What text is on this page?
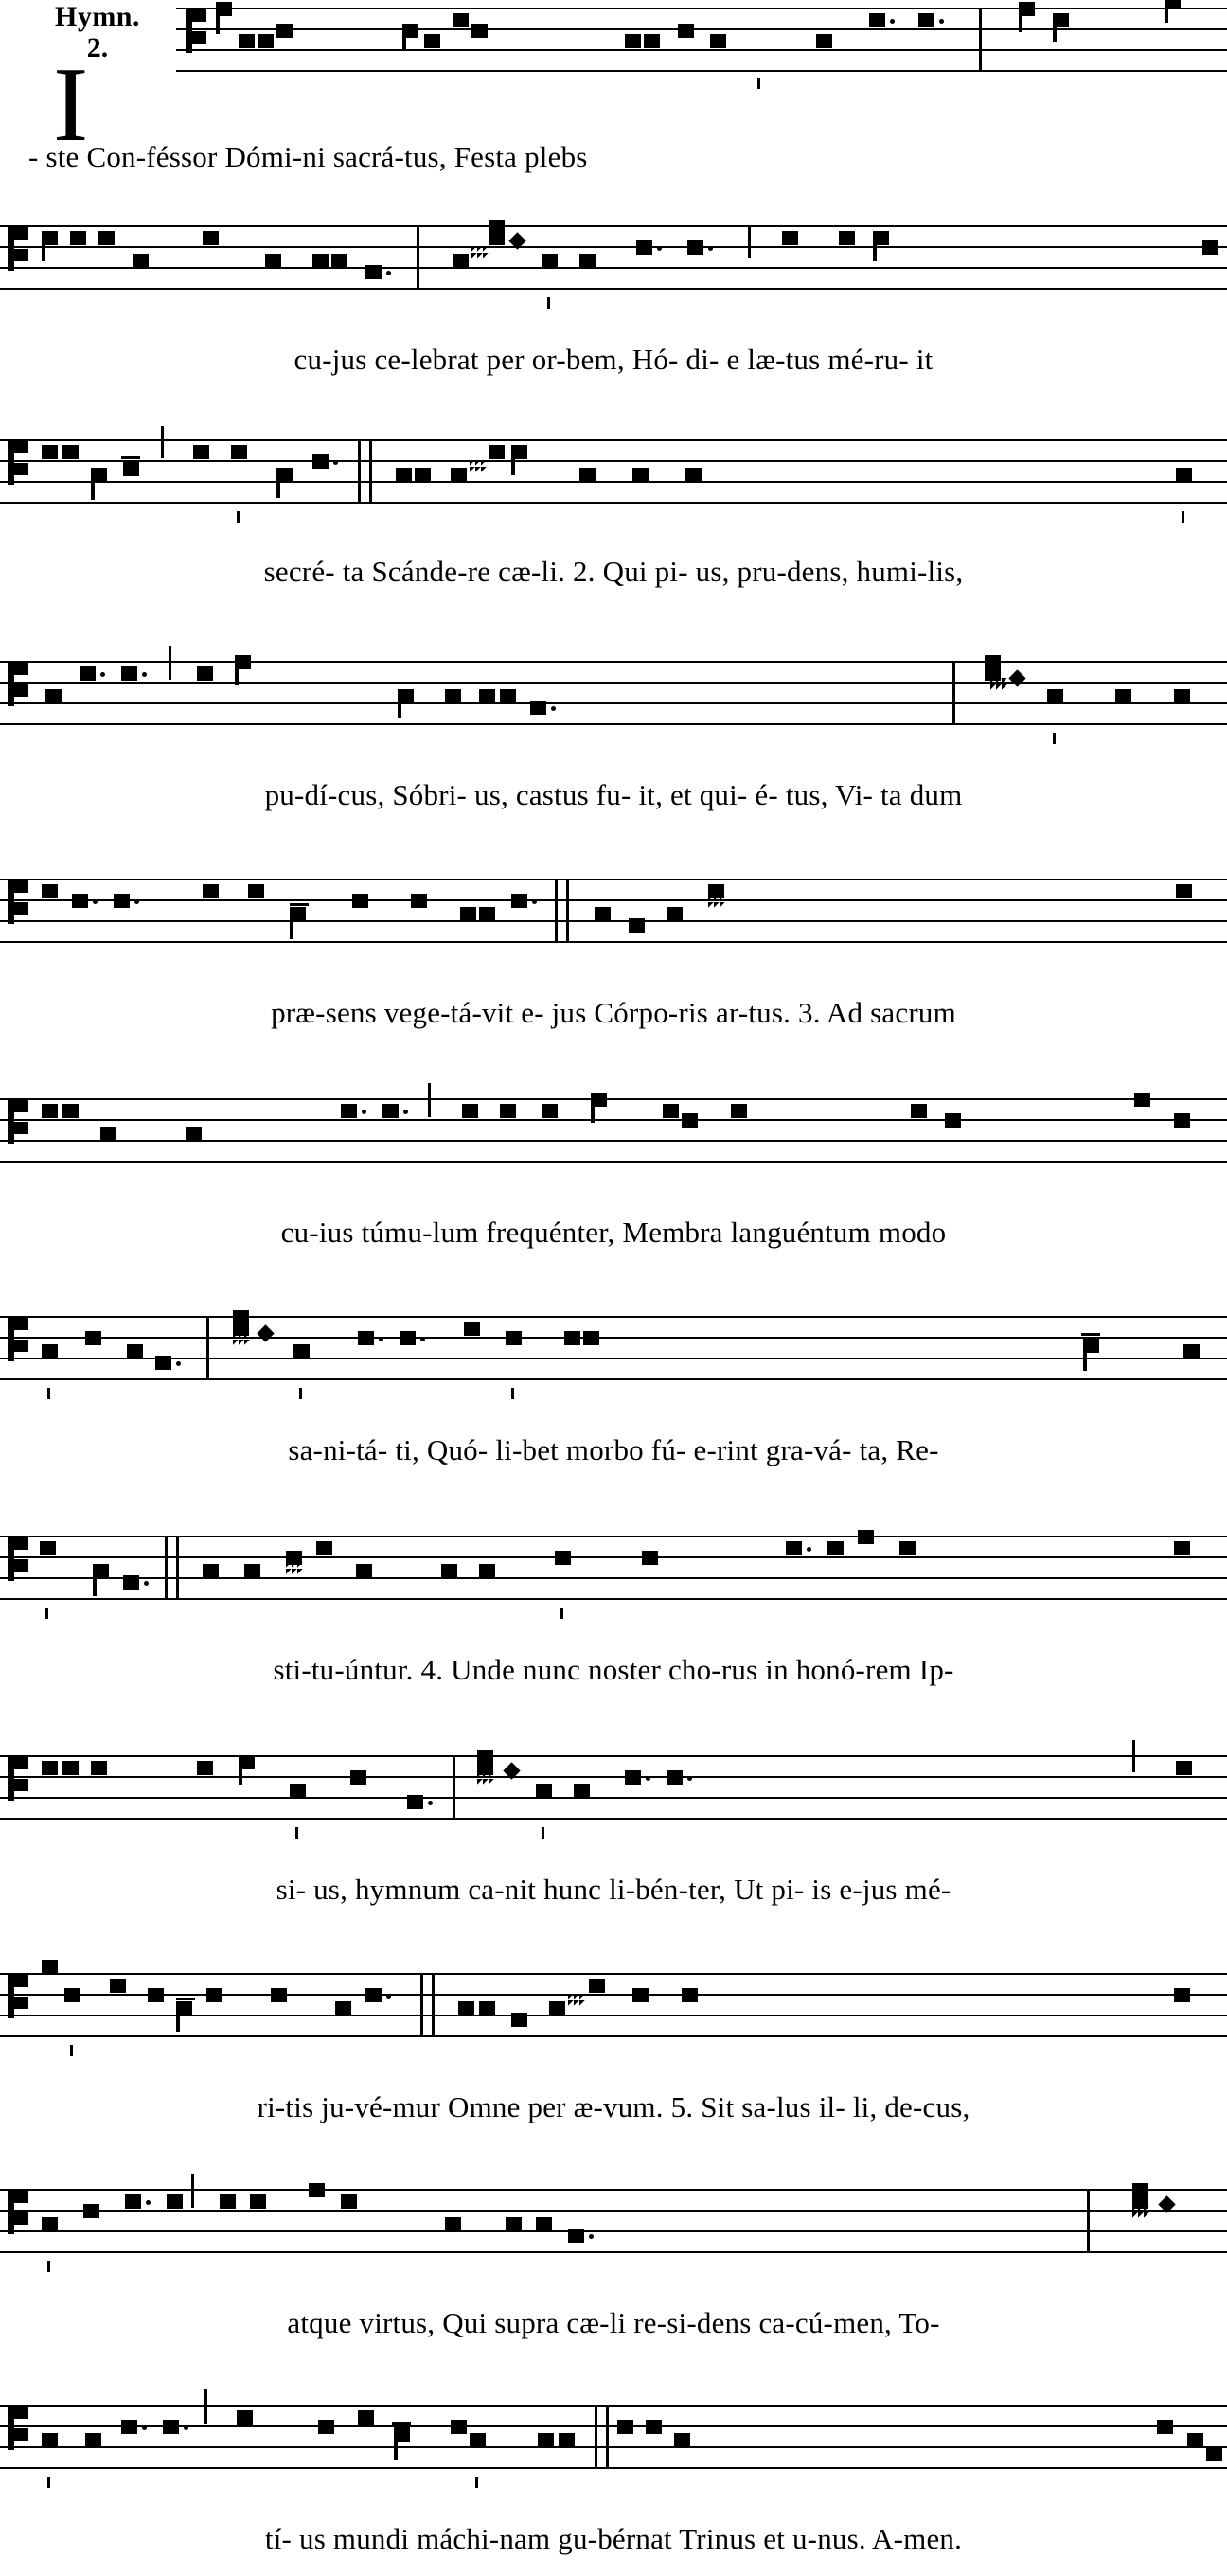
Hymn.
2.
I
- ste Con-féssor Dómi-ni sacrá-tus, Festa plebs
cu-jus ce-lebrat per or-bem, Hó- di- e læ-tus mé-ru- it
secré- ta Scánde-re cæ-li. 2. Qui pi- us, pru-dens, humi-lis,
pu-dí-cus, Sóbri- us, castus fu- it, et qui- é- tus, Vi- ta dum
præ-sens vege-tá-vit e- jus Córpo-ris ar-tus. 3. Ad sacrum
cu-ius túmu-lum frequénter, Membra languéntum modo
sa-ni-tá- ti, Quó- li-bet morbo fú- e-rint gra-vá- ta, Re-
sti-tu-úntur. 4. Unde nunc noster cho-rus in honó-rem Ip-
si- us, hymnum ca-nit hunc li-bén-ter, Ut pi- is e-jus mé-
ri-tis ju-vé-mur Omne per æ-vum. 5. Sit sa-lus il- li, de-cus,
atque virtus, Qui supra cæ-li re-si-dens ca-cú-men, To-
tí- us mundi máchi-nam gu-bérnat Trinus et u-nus. A-men.
